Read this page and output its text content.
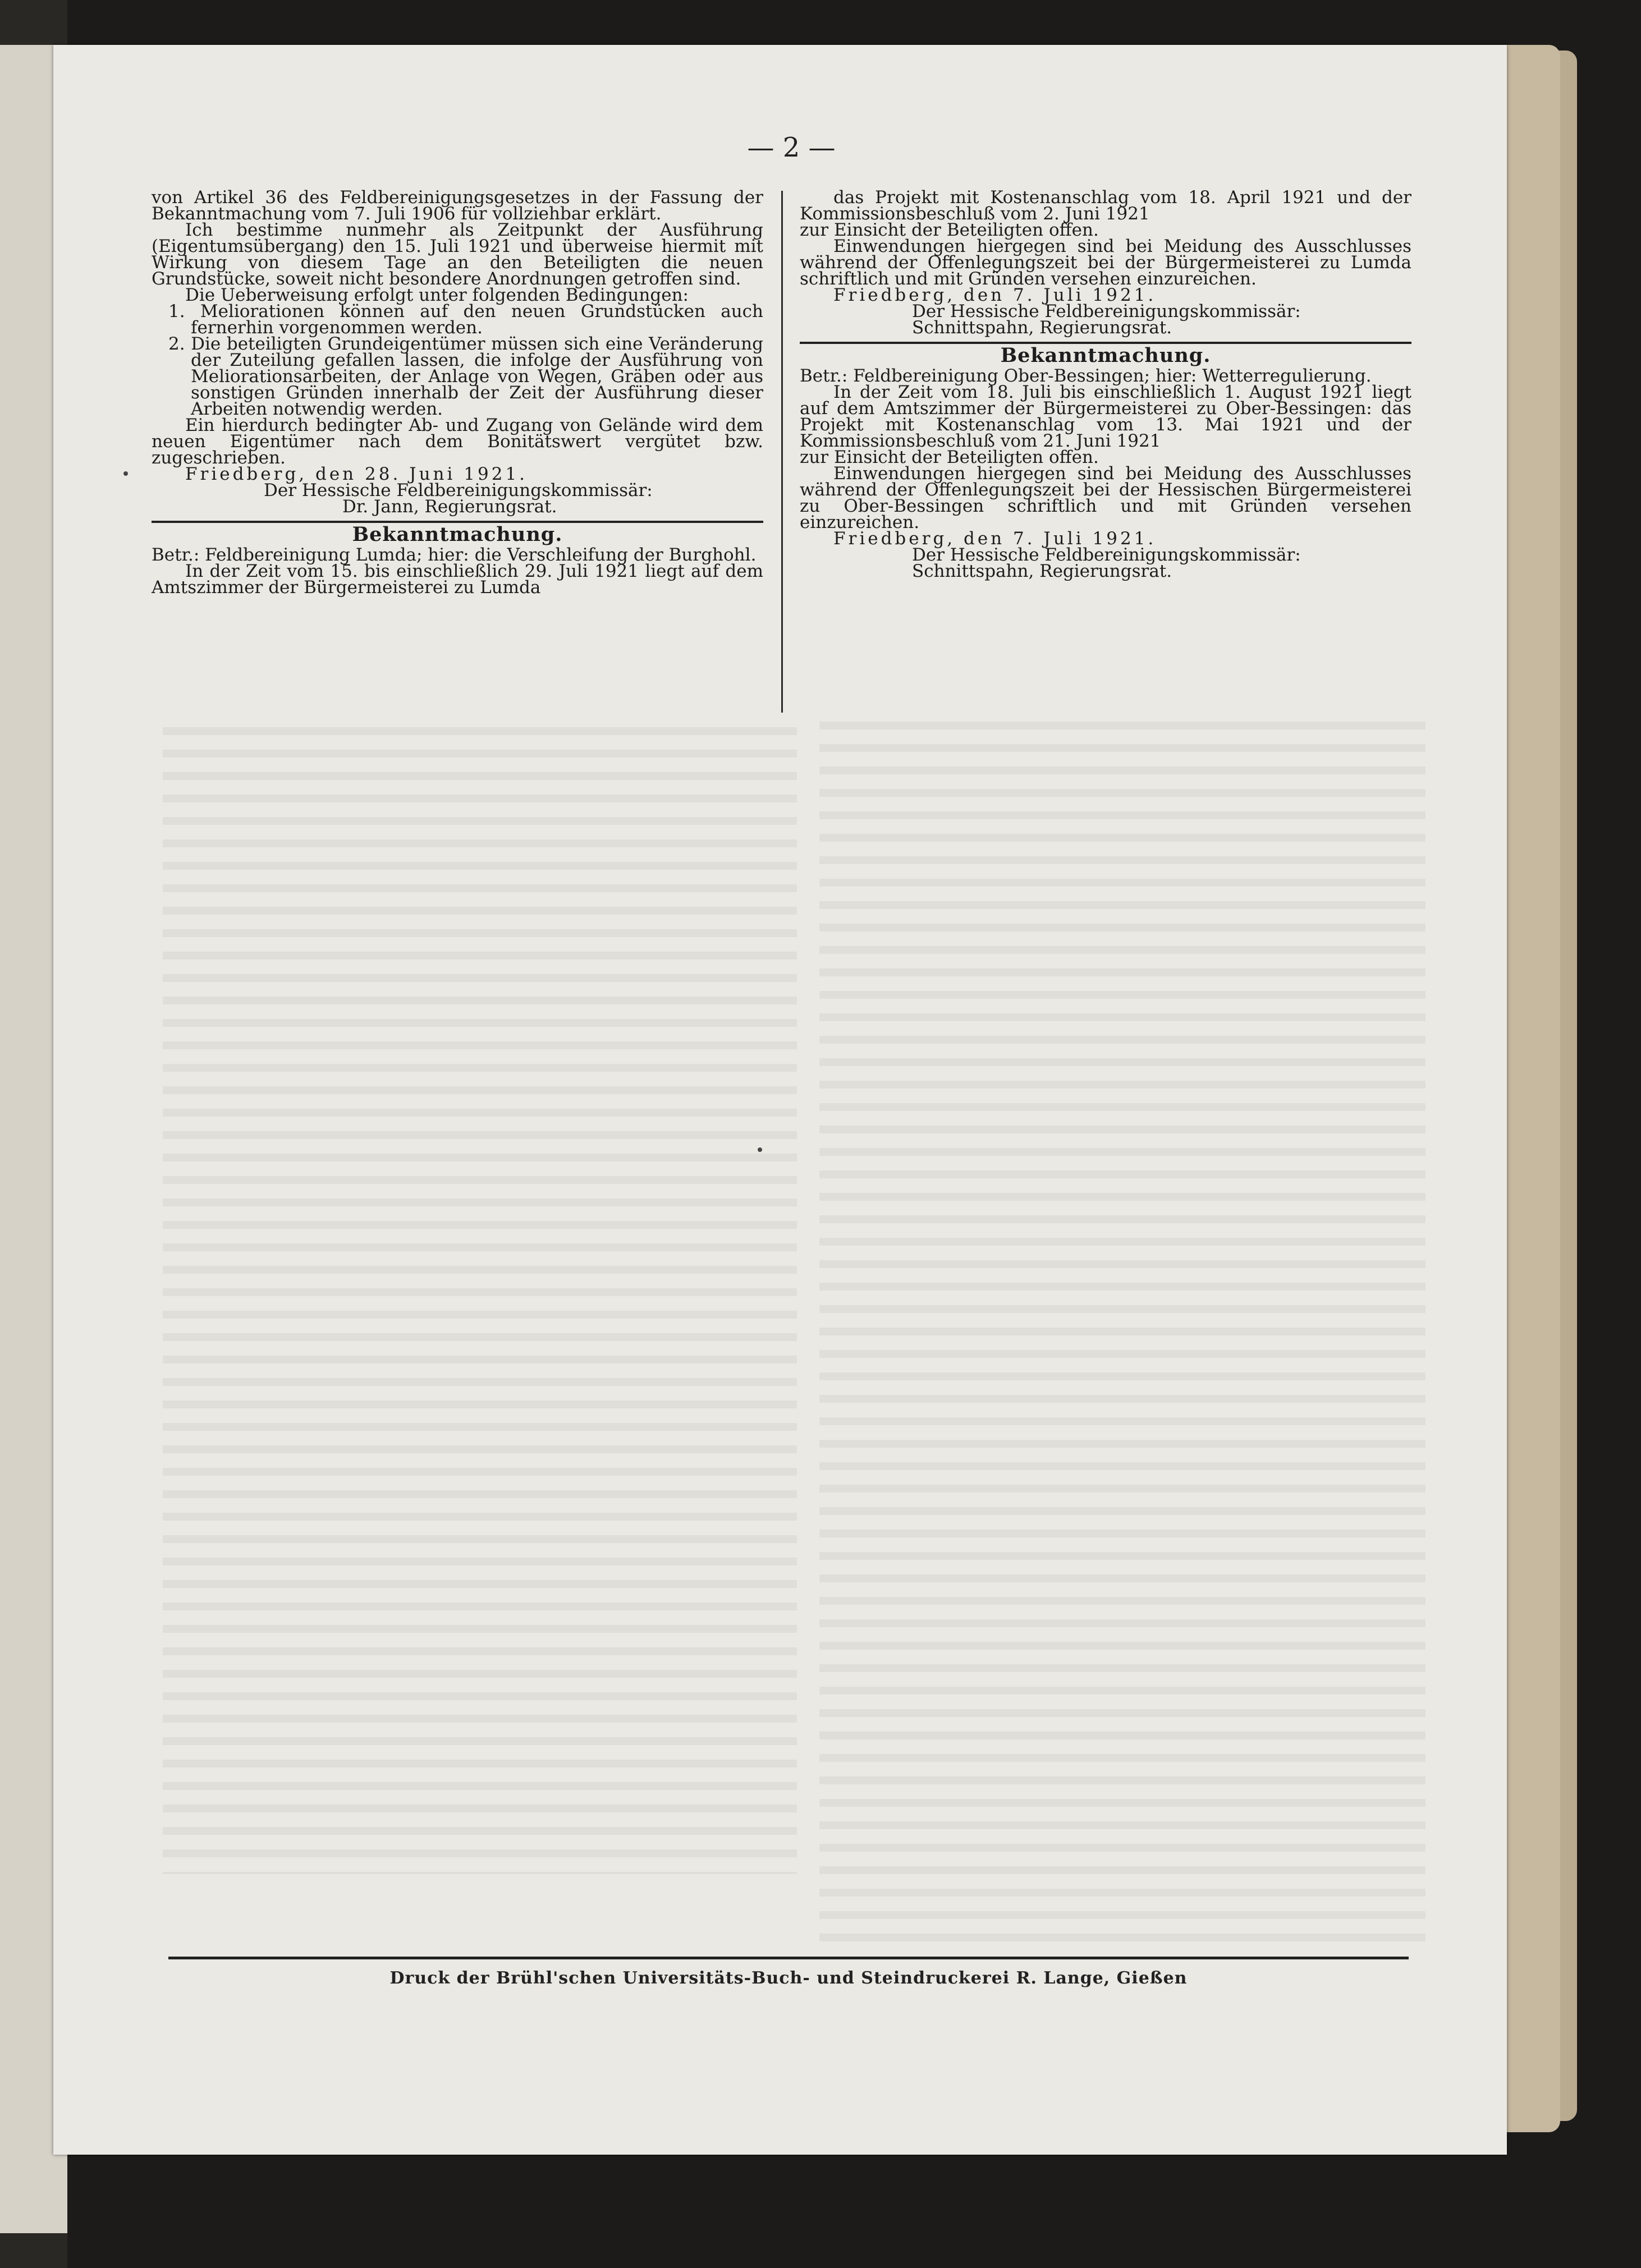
— 2 —

von Artikel 36 des Feldbereinigungsgesetzes in der Fassung der Bekanntmachung vom 7. Juli 1906 für vollziehbar erklärt.

Ich bestimme nunmehr als Zeitpunkt der Ausführung (Eigentumsübergang) den 15. Juli 1921 und überweise hiermit mit Wirkung von diesem Tage an den Beteiligten die neuen Grundstücke, soweit nicht besondere Anordnungen getroffen sind.

Die Ueberweisung erfolgt unter folgenden Bedingungen:

1. Meliorationen können auf den neuen Grundstücken auch fernerhin vorgenommen werden.

2. Die beteiligten Grundeigentümer müssen sich eine Veränderung der Zuteilung gefallen lassen, die infolge der Ausführung von Meliorationsarbeiten, der Anlage von Wegen, Gräben oder aus sonstigen Gründen innerhalb der Zeit der Ausführung dieser Arbeiten notwendig werden.

Ein hierdurch bedingter Ab- und Zugang von Gelände wird dem neuen Eigentümer nach dem Bonitätswert vergütet bzw. zugeschrieben.

Friedberg, den 28. Juni 1921.

Der Hessische Feldbereinigungskommissär:

Dr. Jann, Regierungsrat.

Bekanntmachung.

Betr.: Feldbereinigung Lumda; hier: die Verschleifung der Burghohl.

In der Zeit vom 15. bis einschließlich 29. Juli 1921 liegt auf dem Amtszimmer der Bürgermeisterei zu Lumda

das Projekt mit Kostenanschlag vom 18. April 1921 und der Kommissionsbeschluß vom 2. Juni 1921

zur Einsicht der Beteiligten offen.

Einwendungen hiergegen sind bei Meidung des Ausschlusses während der Offenlegungszeit bei der Bürgermeisterei zu Lumda schriftlich und mit Gründen versehen einzureichen.

Friedberg, den 7. Juli 1921.

Der Hessische Feldbereinigungskommissär:

Schnittspahn, Regierungsrat.

Bekanntmachung.

Betr.: Feldbereinigung Ober-Bessingen; hier: Wetterregulierung.

In der Zeit vom 18. Juli bis einschließlich 1. August 1921 liegt auf dem Amtszimmer der Bürgermeisterei zu Ober-Bessingen: das Projekt mit Kostenanschlag vom 13. Mai 1921 und der Kommissionsbeschluß vom 21. Juni 1921

zur Einsicht der Beteiligten offen.

Einwendungen hiergegen sind bei Meidung des Ausschlusses während der Offenlegungszeit bei der Hessischen Bürgermeisterei zu Ober-Bessingen schriftlich und mit Gründen versehen einzureichen.

Friedberg, den 7. Juli 1921.

Der Hessische Feldbereinigungskommissär:

Schnittspahn, Regierungsrat.

Druck der Brühl'schen Universitäts-Buch- und Steindruckerei R. Lange, Gießen
